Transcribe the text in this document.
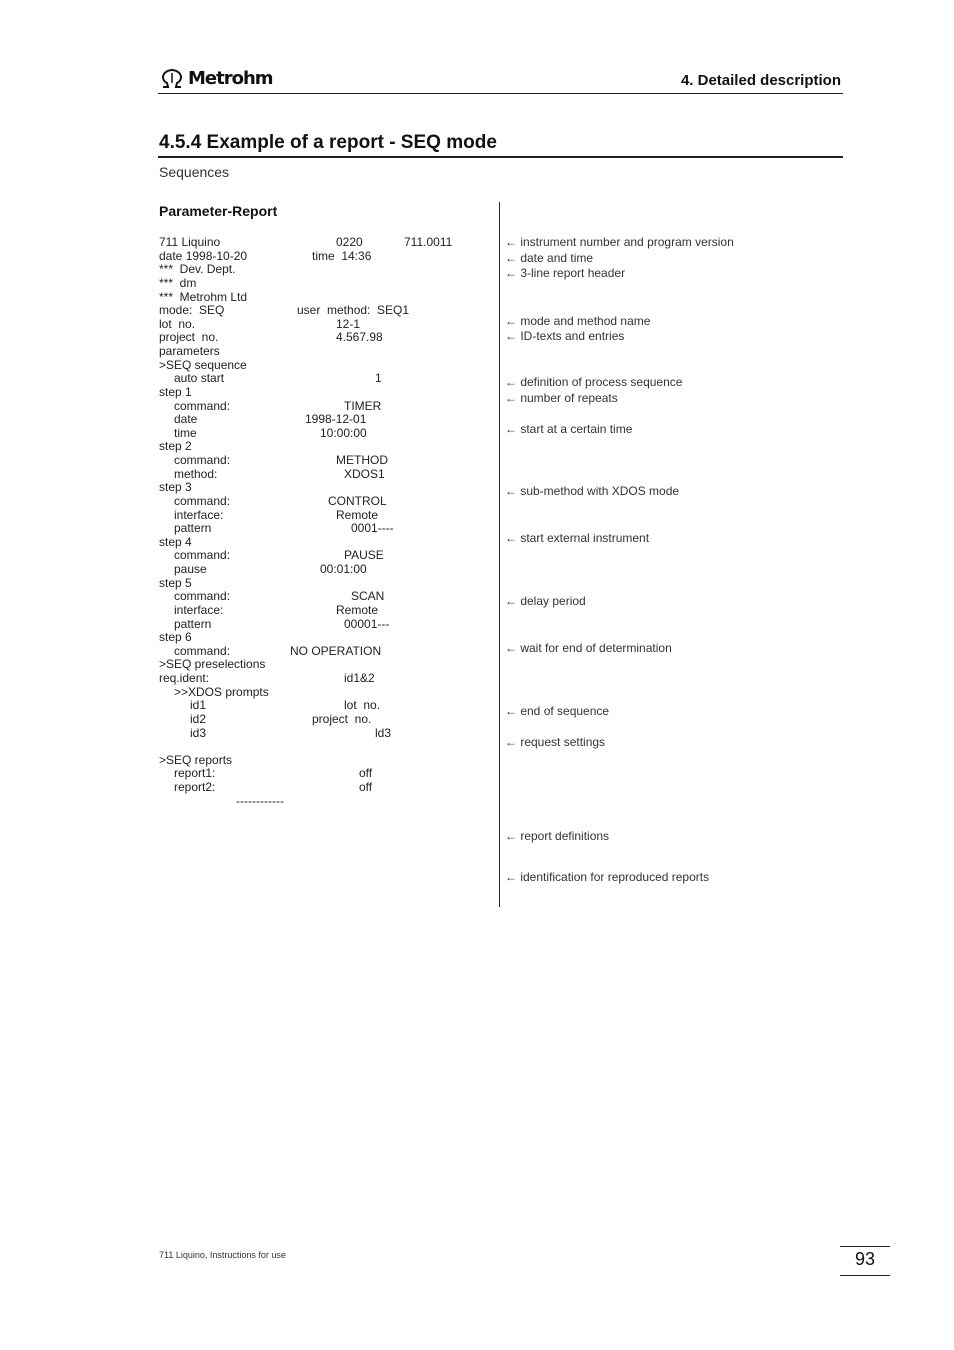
Metrohm	4. Detailed description
4.5.4 Example of a report - SEQ mode
Sequences
Parameter-Report
711 Liquino	0220	711.0011
date 1998-10-20	time  14:36
***  Dev. Dept.
***  dm
***  Metrohm Ltd
mode:  SEQ	user  method:  SEQ1
lot  no.	12-1
project  no.	4.567.98
parameters
>SEQ sequence
auto start	1
step 1
command:	TIMER
date	1998-12-01
time	10:00:00
step 2
command:	METHOD
method:	XDOS1
step 3
command:	CONTROL
interface:	Remote
pattern	0001----
step 4
command:	PAUSE
pause	00:01:00
step 5
command:	SCAN
interface:	Remote
pattern	00001---
step 6
command:	NO OPERATION
>SEQ preselections
req.ident:	id1&2
>>XDOS prompts
id1	lot  no.
id2	project  no.
id3	ld3
>SEQ reports
report1:	off
report2:	off
------------
← instrument number and program version
← date and time
← 3-line report header
← mode and method name
← ID-texts and entries
← definition of process sequence
← number of repeats
← start at a certain time
← sub-method with XDOS mode
← start external instrument
← delay period
← wait for end of determination
← end of sequence
← request settings
← report definitions
← identification for reproduced reports
711 Liquino, Instructions for use	93
